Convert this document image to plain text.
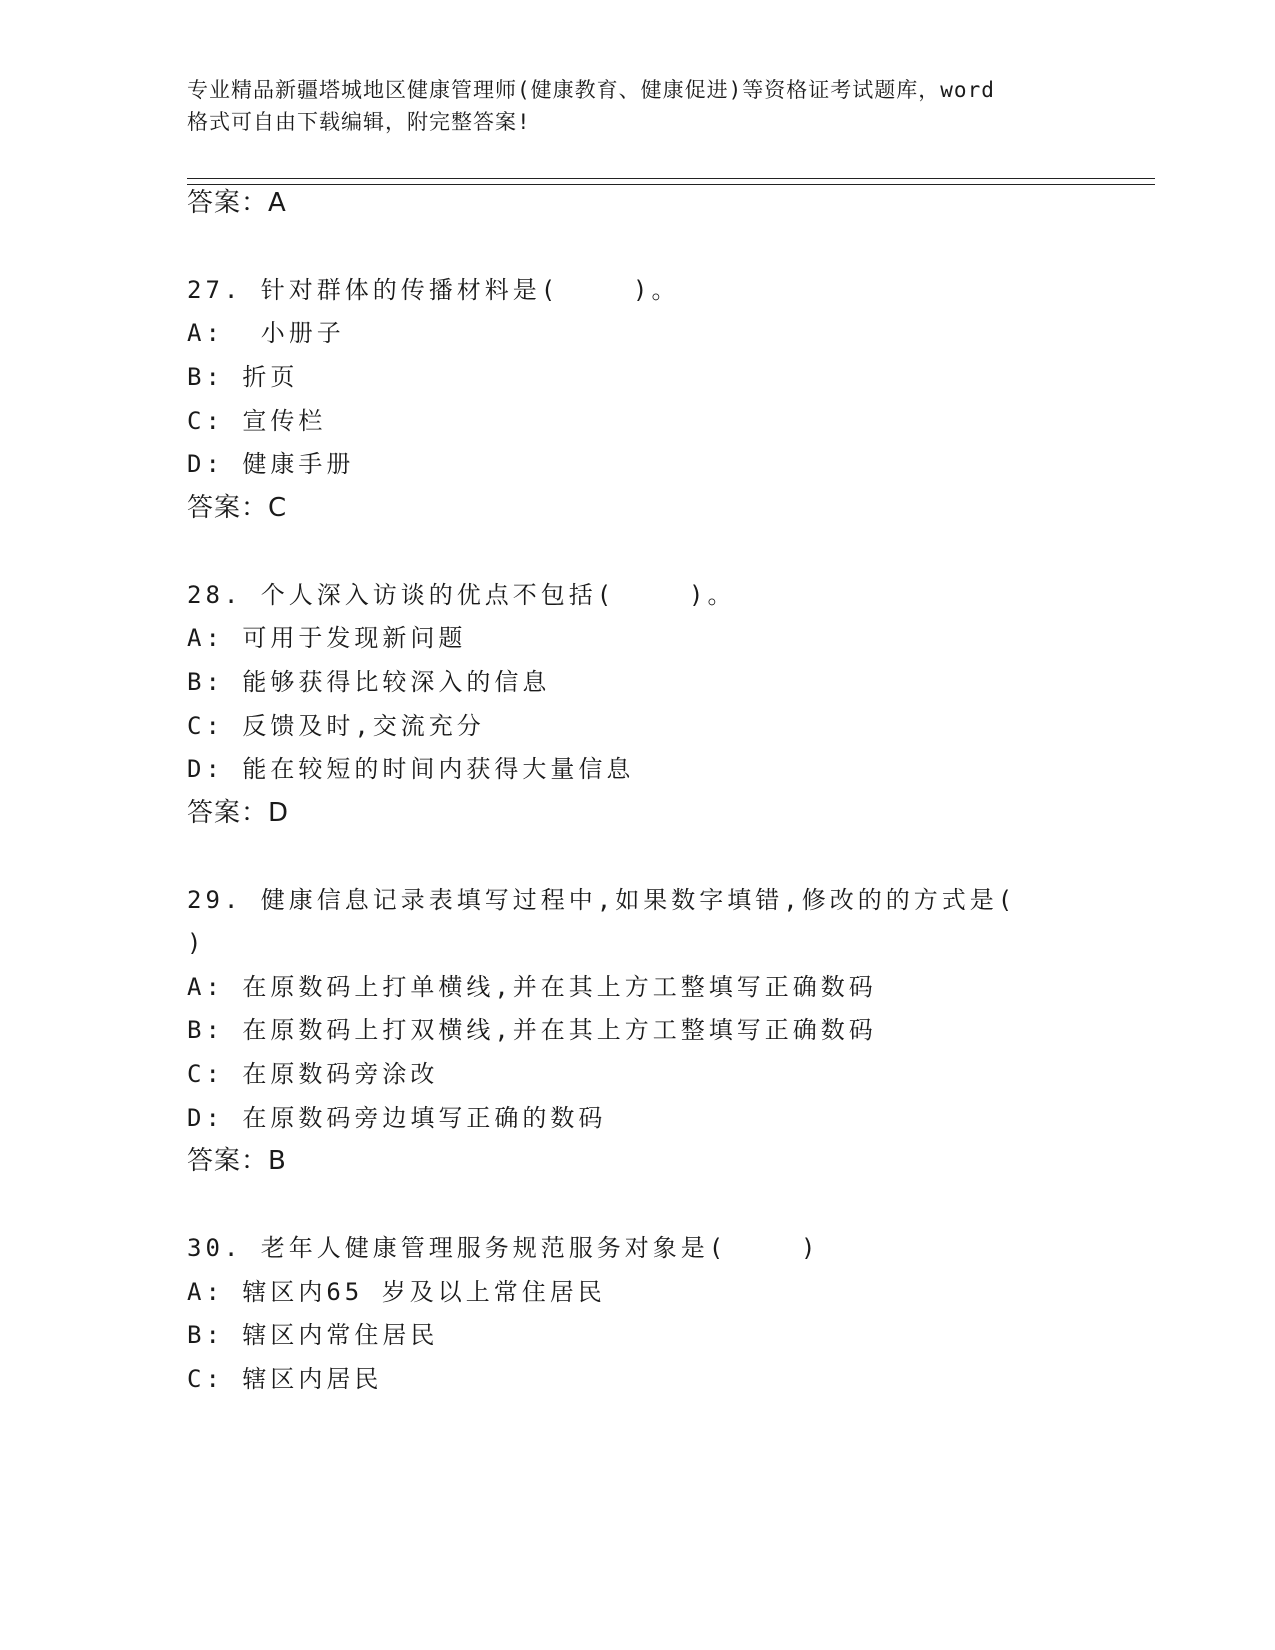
专业精品新疆塔城地区健康管理师(健康教育、健康促进)等资格证考试题库，word
格式可自由下载编辑，附完整答案!
答案：A
27. 针对群体的传播材料是(    )。
A:  小册子
B: 折页
C: 宣传栏
D: 健康手册
答案：C
28. 个人深入访谈的优点不包括(    )。
A: 可用于发现新问题
B: 能够获得比较深入的信息
C: 反馈及时,交流充分
D: 能在较短的时间内获得大量信息
答案：D
29. 健康信息记录表填写过程中,如果数字填错,修改的的方式是(
)
A: 在原数码上打单横线,并在其上方工整填写正确数码
B: 在原数码上打双横线,并在其上方工整填写正确数码
C: 在原数码旁涂改
D: 在原数码旁边填写正确的数码
答案：B
30. 老年人健康管理服务规范服务对象是(    )
A: 辖区内65 岁及以上常住居民
B: 辖区内常住居民
C: 辖区内居民
